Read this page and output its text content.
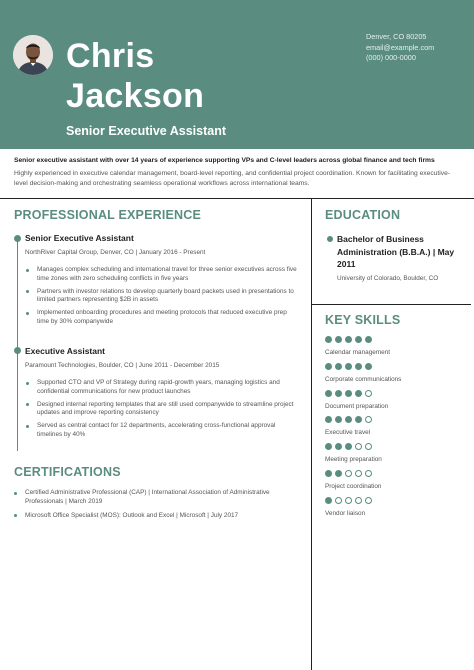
Chris
Jackson
Senior Executive Assistant
Denver, CO 80205
email@example.com
(000) 000-0000
Senior executive assistant with over 14 years of experience supporting VPs and C-level leaders across global finance and tech firms
Highly experienced in executive calendar management, board-level reporting, and confidential project coordination. Known for facilitating executive-level decision-making and orchestrating seamless operational workflows across international teams.
PROFESSIONAL EXPERIENCE
Senior Executive Assistant
NorthRiver Capital Group, Denver, CO | January 2016 - Present
Manages complex scheduling and international travel for three senior executives across five time zones with zero scheduling conflicts in five years
Partners with investor relations to develop quarterly board packets used in presentations to limited partners representing $2B in assets
Implemented onboarding procedures and meeting protocols that reduced executive prep time by 30% companywide
Executive Assistant
Paramount Technologies, Boulder, CO | June 2011 - December 2015
Supported CTO and VP of Strategy during rapid-growth years, managing logistics and confidential communications for new product launches
Designed internal reporting templates that are still used companywide to streamline project updates and improve reporting consistency
Served as central contact for 12 departments, accelerating cross-functional approval timelines by 40%
CERTIFICATIONS
Certified Administrative Professional (CAP) | International Association of Administrative Professionals | March 2019
Microsoft Office Specialist (MOS): Outlook and Excel | Microsoft | July 2017
EDUCATION
Bachelor of Business Administration (B.B.A.) | May 2011
University of Colorado, Boulder, CO
KEY SKILLS
Calendar management
Corporate communications
Document preparation
Executive travel
Meeting preparation
Project coordination
Vendor liaison
